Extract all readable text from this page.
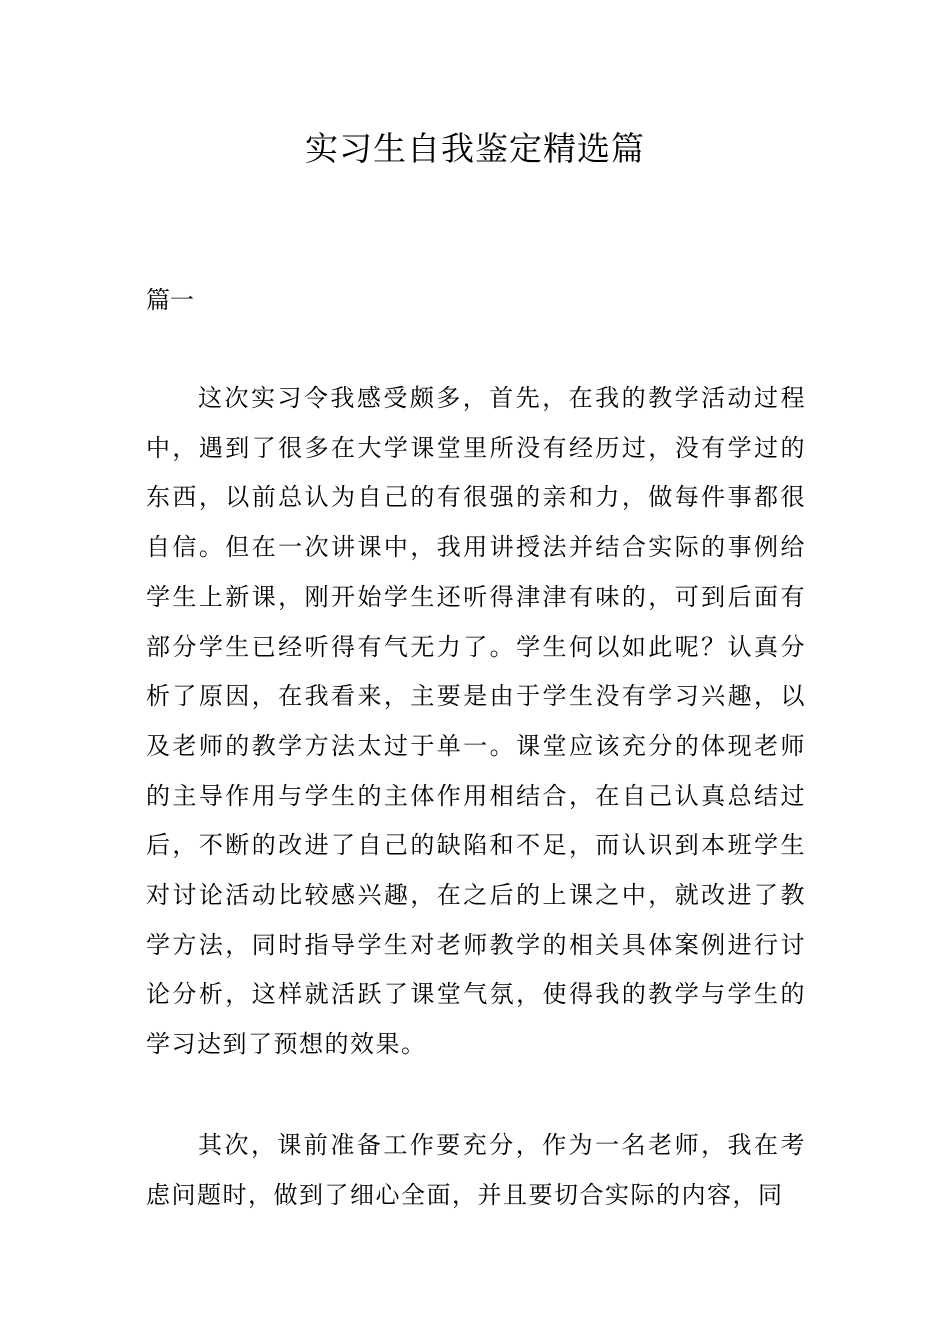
实习生自我鉴定精选篇
篇一

这次实习令我感受颇多，首先，在我的教学活动过程中，遇到了很多在大学课堂里所没有经历过，没有学过的东西，以前总认为自己的有很强的亲和力，做每件事都很自信。但在一次讲课中，我用讲授法并结合实际的事例给学生上新课，刚开始学生还听得津津有味的，可到后面有部分学生已经听得有气无力了。学生何以如此呢？认真分析了原因，在我看来，主要是由于学生没有学习兴趣，以及老师的教学方法太过于单一。课堂应该充分的体现老师的主导作用与学生的主体作用相结合，在自己认真总结过后，不断的改进了自己的缺陷和不足，而认识到本班学生对讨论活动比较感兴趣，在之后的上课之中，就改进了教学方法，同时指导学生对老师教学的相关具体案例进行讨论分析，这样就活跃了课堂气氛，使得我的教学与学生的学习达到了预想的效果。

其次，课前准备工作要充分，作为一名老师，我在考虑问题时，做到了细心全面，并且要切合实际的内容，同
